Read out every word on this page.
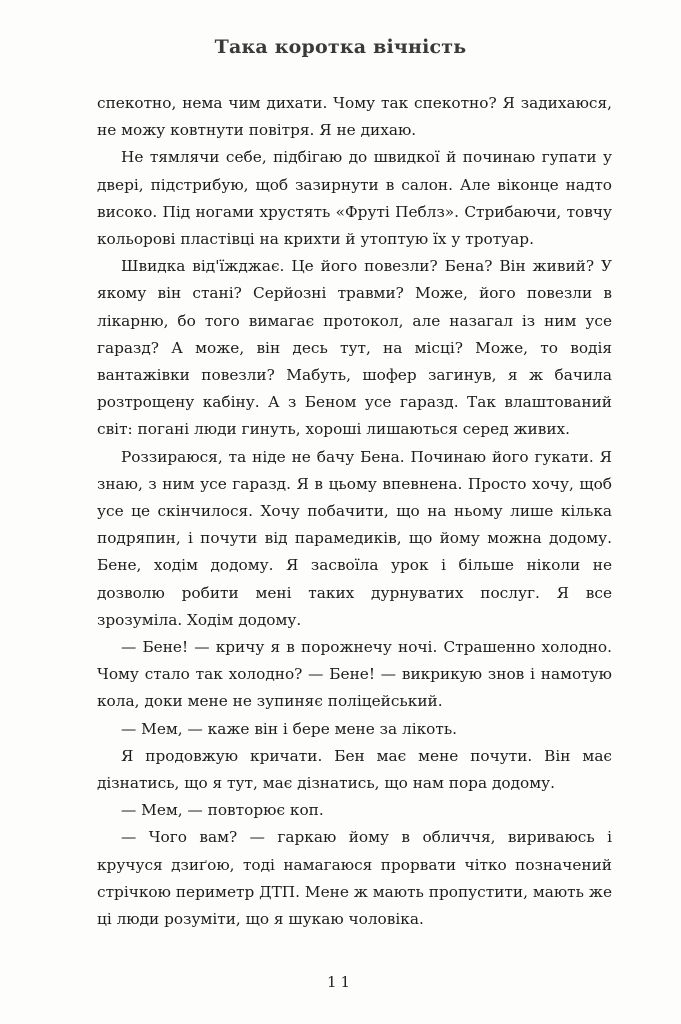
Така коротка вічність

спекотно, нема чим дихати. Чому так спекотно? Я задихаюся, не можу ковтнути повітря. Я не дихаю.

Не тямлячи себе, підбігаю до швидкої й починаю гупати у двері, підстрибую, щоб зазирнути в салон. Але віконце надто високо. Під ногами хрустять «Фруті Пеблз». Стрибаючи, товчу кольорові пластівці на крихти й утоптую їх у тротуар.

Швидка від'їжджає. Це його повезли? Бена? Він живий? У якому він стані? Серйозні травми? Може, його повезли в лікарню, бо того вимагає протокол, але назагал із ним усе гаразд? А може, він десь тут, на місці? Може, то водія вантажівки повезли? Мабуть, шофер загинув, я ж бачила розтрощену кабіну. А з Беном усе гаразд. Так влаштований світ: погані люди гинуть, хороші лишаються серед живих.

Роззираюся, та ніде не бачу Бена. Починаю його гукати. Я знаю, з ним усе гаразд. Я в цьому впевнена. Просто хочу, щоб усе це скінчилося. Хочу побачити, що на ньому лише кілька подряпин, і почути від парамедиків, що йому можна додому. Бене, ходім додому. Я засвоїла урок і більше ніколи не дозволю робити мені таких дурнуватих послуг. Я все зрозуміла. Ходім додому.

— Бене! — кричу я в порожнечу ночі. Страшенно холодно. Чому стало так холодно? — Бене! — викрикую знов і намотую кола, доки мене не зупиняє поліцейський.

— Мем, — каже він і бере мене за лікоть.

Я продовжую кричати. Бен має мене почути. Він має дізнатись, що я тут, має дізнатись, що нам пора додому.

— Мем, — повторює коп.

— Чого вам? — гаркаю йому в обличчя, вириваюсь і кручуся дзиґою, тоді намагаюся прорвати чітко позначений стрічкою периметр ДТП. Мене ж мають пропустити, мають же ці люди розуміти, що я шукаю чоловіка.

11
